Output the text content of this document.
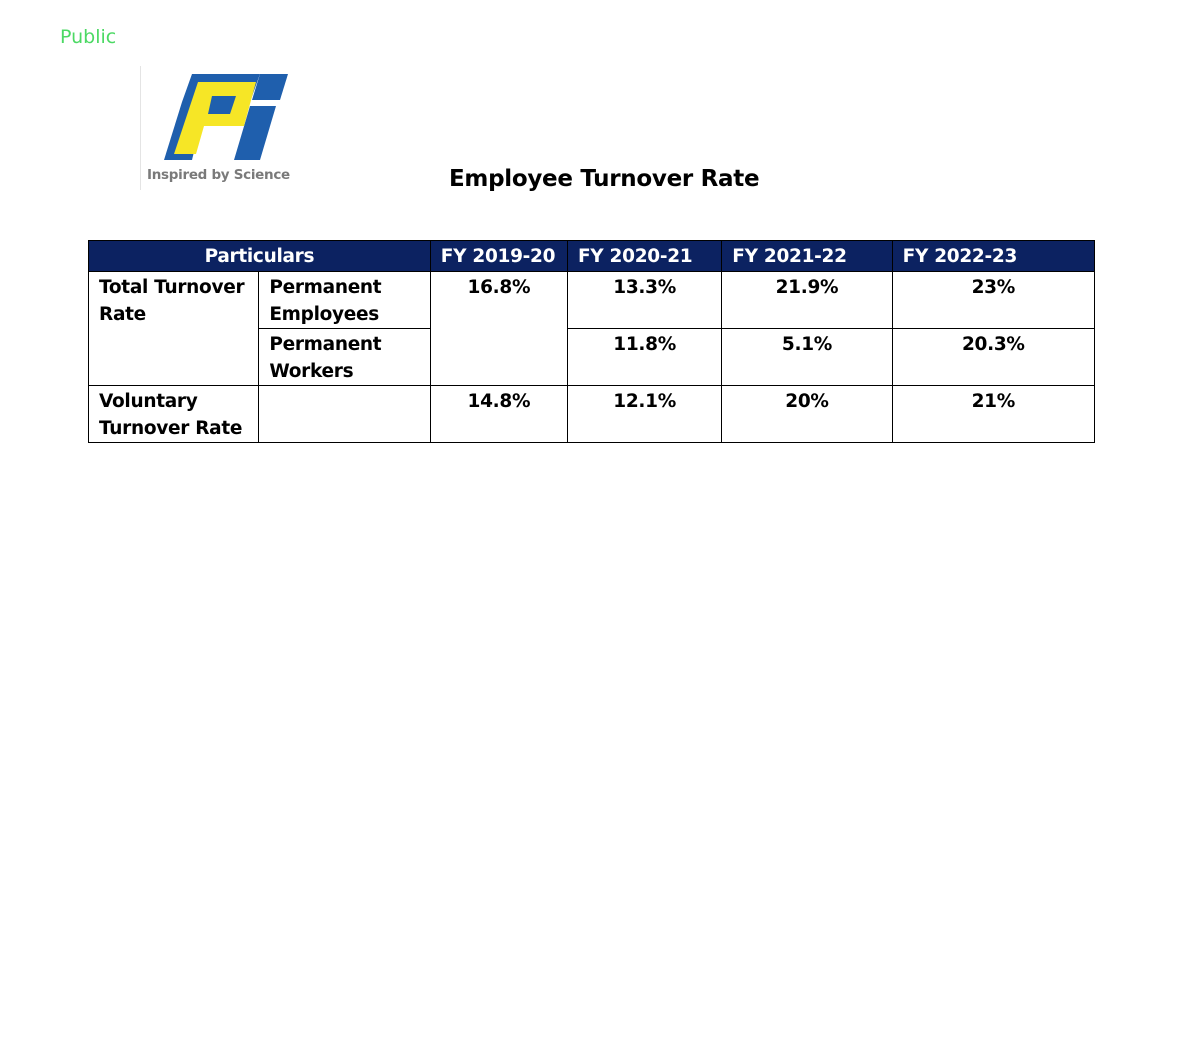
Public
Inspired by Science	Employee Turnover Rate
Particulars		FY 2019-20	FY 2020-21	FY 2021-22	FY 2022-23
Total Turnover Rate	Permanent Employees	16.8%	13.3%	21.9%	23%
	Permanent Workers		11.8%	5.1%	20.3%
Voluntary Turnover Rate		14.8%	12.1%	20%	21%
